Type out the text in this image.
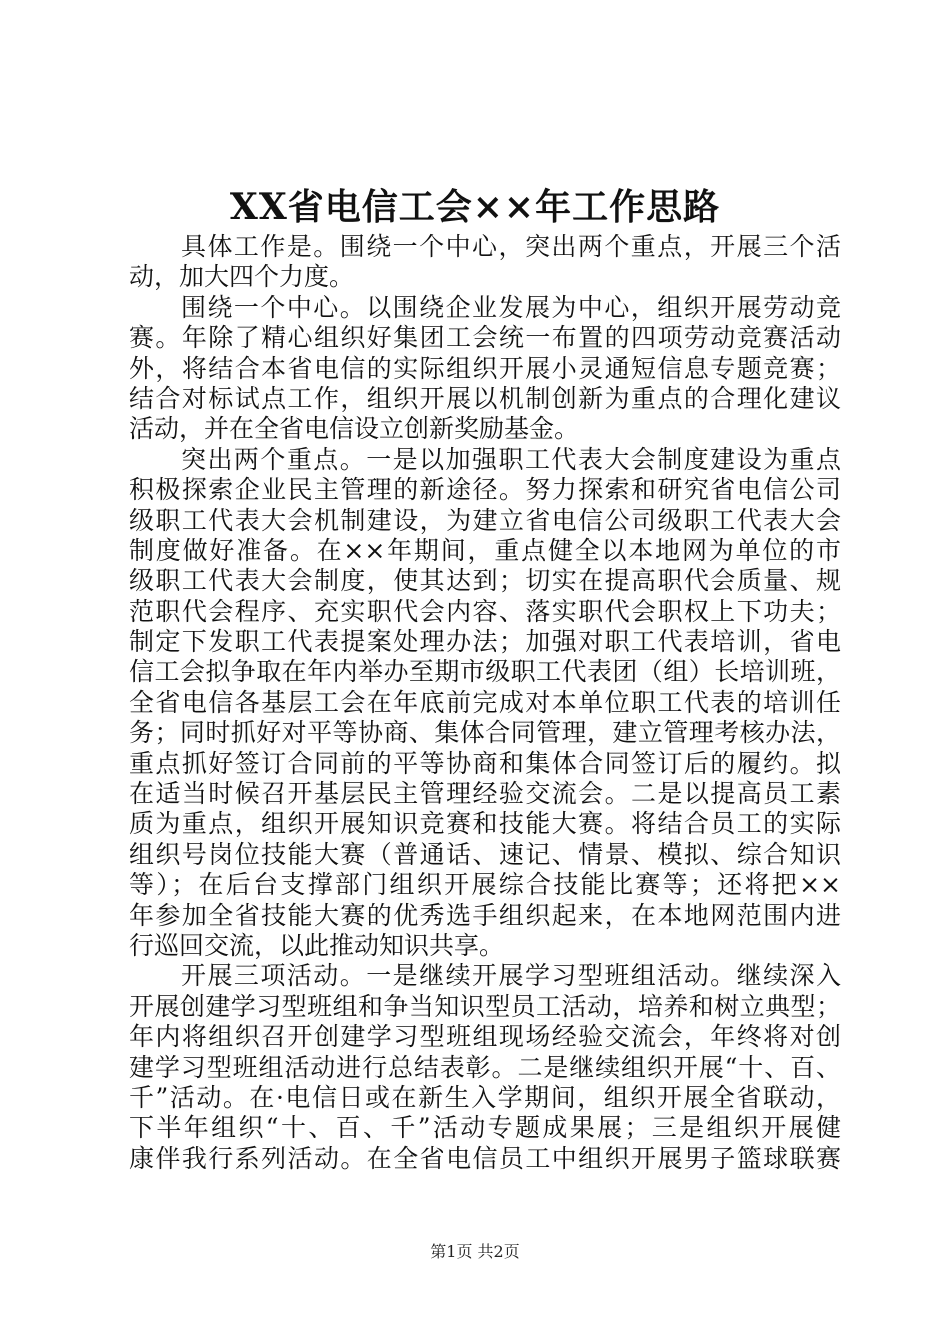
XX省电信工会××年工作思路
具体工作是。围绕一个中心，突出两个重点，开展三个活
动，加大四个力度。
围绕一个中心。以围绕企业发展为中心，组织开展劳动竞
赛。年除了精心组织好集团工会统一布置的四项劳动竞赛活动
外，将结合本省电信的实际组织开展小灵通短信息专题竞赛；
结合对标试点工作，组织开展以机制创新为重点的合理化建议
活动，并在全省电信设立创新奖励基金。
突出两个重点。一是以加强职工代表大会制度建设为重点
积极探索企业民主管理的新途径。努力探索和研究省电信公司
级职工代表大会机制建设，为建立省电信公司级职工代表大会
制度做好准备。在××年期间，重点健全以本地网为单位的市
级职工代表大会制度，使其达到；切实在提高职代会质量、规
范职代会程序、充实职代会内容、落实职代会职权上下功夫；
制定下发职工代表提案处理办法；加强对职工代表培训，省电
信工会拟争取在年内举办至期市级职工代表团（组）长培训班，
全省电信各基层工会在年底前完成对本单位职工代表的培训任
务；同时抓好对平等协商、集体合同管理，建立管理考核办法，
重点抓好签订合同前的平等协商和集体合同签订后的履约。拟
在适当时候召开基层民主管理经验交流会。二是以提高员工素
质为重点，组织开展知识竞赛和技能大赛。将结合员工的实际
组织号岗位技能大赛（普通话、速记、情景、模拟、综合知识
等）；在后台支撑部门组织开展综合技能比赛等；还将把××
年参加全省技能大赛的优秀选手组织起来，在本地网范围内进
行巡回交流，以此推动知识共享。
开展三项活动。一是继续开展学习型班组活动。继续深入
开展创建学习型班组和争当知识型员工活动，培养和树立典型；
年内将组织召开创建学习型班组现场经验交流会，年终将对创
建学习型班组活动进行总结表彰。二是继续组织开展“十、百、
千”活动。在·电信日或在新生入学期间，组织开展全省联动，
下半年组织“十、百、千”活动专题成果展；三是组织开展健
康伴我行系列活动。在全省电信员工中组织开展男子篮球联赛
第1页 共2页
